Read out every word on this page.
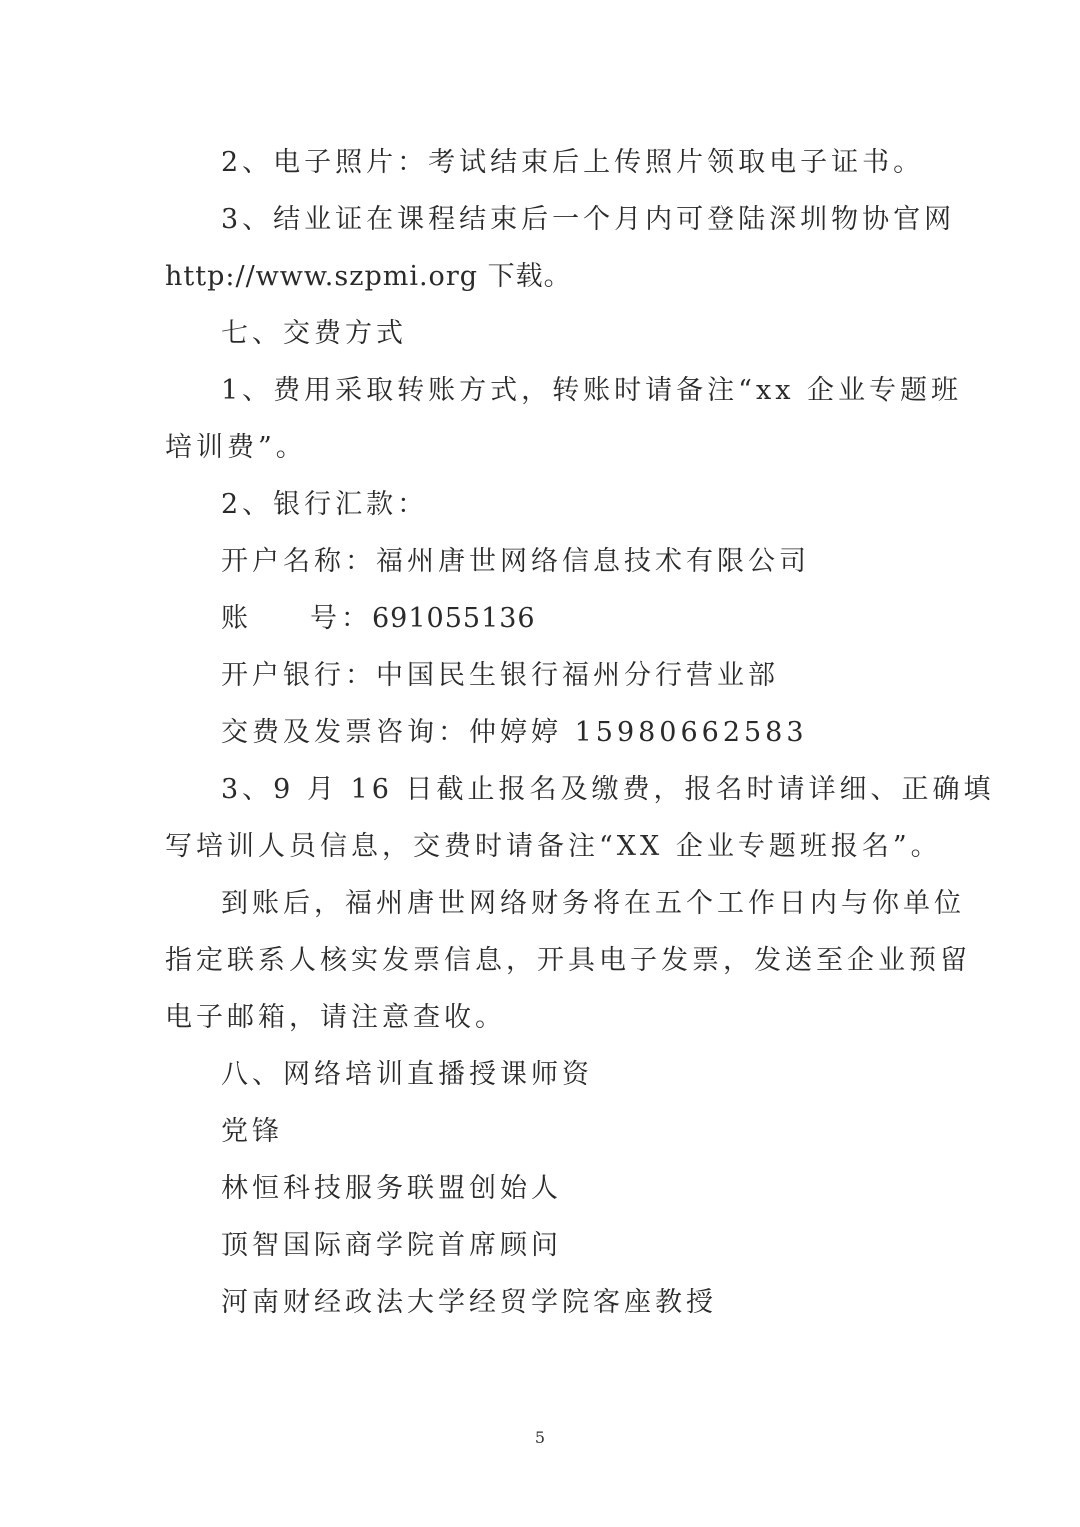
2、电子照片：考试结束后上传照片领取电子证书。
3、结业证在课程结束后一个月内可登陆深圳物协官网
http://www.szpmi.org 下载。
七、交费方式
1、费用采取转账方式，转账时请备注“xx 企业专题班
培训费”。
2、银行汇款：
开户名称：福州唐世网络信息技术有限公司
账 号：691055136
开户银行：中国民生银行福州分行营业部
交费及发票咨询：仲婷婷 15980662583
3、9 月 16 日截止报名及缴费，报名时请详细、正确填
写培训人员信息，交费时请备注“XX 企业专题班报名”。
到账后，福州唐世网络财务将在五个工作日内与你单位
指定联系人核实发票信息，开具电子发票，发送至企业预留
电子邮箱，请注意查收。
八、网络培训直播授课师资
党锋
林恒科技服务联盟创始人
顶智国际商学院首席顾问
河南财经政法大学经贸学院客座教授
5
